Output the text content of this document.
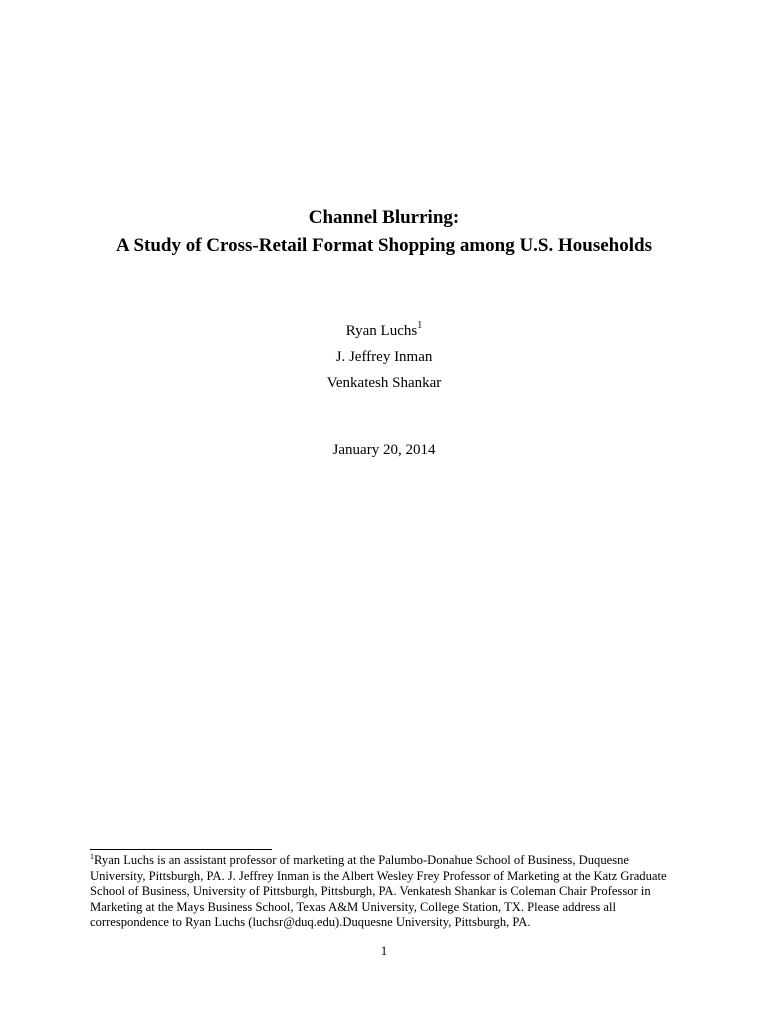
Channel Blurring:
A Study of Cross-Retail Format Shopping among U.S. Households
Ryan Luchs$^1$
J. Jeffrey Inman
Venkatesh Shankar
January 20, 2014
$^1$Ryan Luchs is an assistant professor of marketing at the Palumbo-Donahue School of Business, Duquesne
University, Pittsburgh, PA. J. Jeffrey Inman is the Albert Wesley Frey Professor of Marketing at the Katz Graduate
School of Business, University of Pittsburgh, Pittsburgh, PA. Venkatesh Shankar is Coleman Chair Professor in
Marketing at the Mays Business School, Texas A&M University, College Station, TX. Please address all
correspondence to Ryan Luchs (luchsr@duq.edu).Duquesne University, Pittsburgh, PA.
1
